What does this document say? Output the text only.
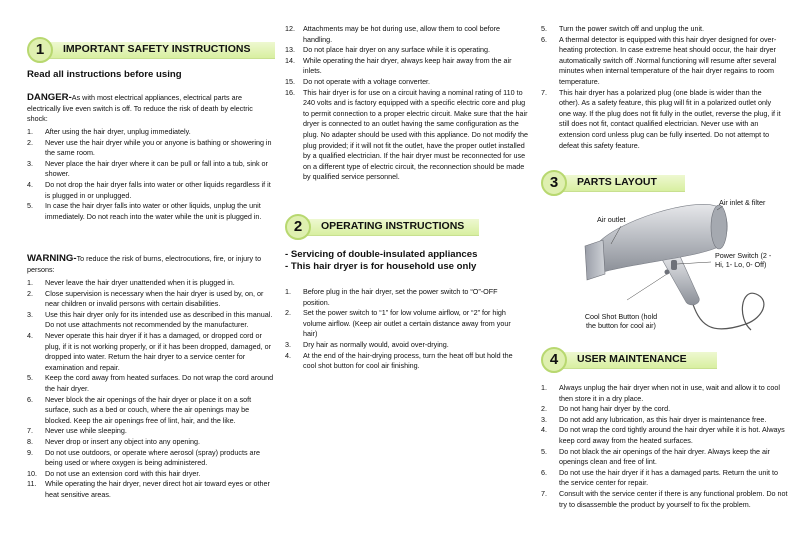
1	IMPORTANT SAFETY INSTRUCTIONS
Read all instructions before using
DANGER-As with most electrical appliances, electrical parts are electrically live even switch is off. To reduce the risk of death by electric shock:
1. After using the hair dryer, unplug immediately.
2. Never use the hair dryer while you or anyone is bathing or showering in the same room.
3. Never place the hair dryer where it can be pull or fall into a tub, sink or shower.
4. Do not drop the hair dryer falls into water or other liquids regardless if it is plugged in or unplugged.
5. In case the hair dryer falls into water or other liquids, unplug the unit immediately. Do not reach into the water while the unit is plugged in.
WARNING-To reduce the risk of burns, electrocutions, fire, or injury to persons:
1. Never leave the hair dryer unattended when it is plugged in.
2. Close supervision is necessary when the hair dryer is used by, on, or near children or invalid persons with certain disabilities.
3. Use this hair dryer only for its intended use as described in this manual. Do not use attachments not recommended by the manufacturer.
4. Never operate this hair dryer if it has a damaged, or dropped cord or plug, if it is not working properly, or if it has been dropped, damaged, or dropped into water. Return the hair dryer to a service center for examination and repair.
5. Keep the cord away from heated surfaces. Do not wrap the cord around the hair dryer.
6. Never block the air openings of the hair dryer or place it on a soft surface, such as a bed or couch, where the air openings may be blocked. Keep the air openings free of lint, hair, and the like.
7. Never use while sleeping.
8. Never drop or insert any object into any opening.
9. Do not use outdoors, or operate where aerosol (spray) products are being used or where oxygen is being administered.
10. Do not use an extension cord with this hair dryer.
11. While operating the hair dryer, never direct hot air toward eyes or other heat sensitive areas.
12. Attachments may be hot during use, allow them to cool before handling.
13. Do not place hair dryer on any surface while it is operating.
14. While operating the hair dryer, always keep hair away from the air inlets.
15. Do not operate with a voltage converter.
16. This hair dryer is for use on a circuit having a nominal rating of 110 to 240 volts and is factory equipped with a specific electric core and plug to permit connection to a proper electric circuit. Make sure that the hair dryer is connected to an outlet having the same configuration as the plug. No adapter should be used with this appliance. Do not modify the plug provided; if it will not fit the outlet, have the proper outlet installed by a qualified electrician. If the hair dryer must be reconnected for use on a different type of electric circuit, the reconnection should be made by qualified service personnel.
2	OPERATING INSTRUCTIONS
- Servicing of double-insulated appliances
- This hair dryer is for household use only
1. Before plug in the hair dryer, set the power switch to “O”-OFF position.
2. Set the power switch to “1” for low volume airflow, or “2” for high volume airflow. (Keep air outlet a certain distance away from your hair)
3. Dry hair as normally would, avoid over-drying.
4. At the end of the hair-drying process, turn the heat off but hold the cool shot button for cool air finishing.
5. Turn the power switch off and unplug the unit.
6. A thermal detector is equipped with this hair dryer designed for over-heating protection. In case extreme heat should occur, the hair dryer automatically switch off .Normal functioning will resume after several minutes when internal temperature of the hair dryer regains to room temperature.
7. This hair dryer has a polarized plug (one blade is wider than the other). As a safety feature, this plug will fit in a polarized outlet only one way. If the plug does not fit fully in the outlet, reverse the plug, if it still does not fit, contact qualified electrician. Never use with an extension cord unless plug can be fully inserted. Do not attempt to defeat this safety feature.
3	PARTS LAYOUT
Air outlet
Air inlet & filter
Power Switch (2 - Hi, 1- Lo, 0- Off)
Cool Shot Button (hold the button for cool air)
4	USER MAINTENANCE
1. Always unplug the hair dryer when not in use, wait and allow it to cool then store it in a dry place.
2. Do not hang hair dryer by the cord.
3. Do not add any lubrication, as this hair dryer is maintenance free.
4. Do not wrap the cord tightly around the hair dryer while it is hot. Always keep cord away from the heated surfaces.
5. Do not black the air openings of the hair dryer. Always keep the air openings clean and free of lint.
6. Do not use the hair dryer if it has a damaged parts. Return the unit to the service center for repair.
7. Consult with the service center if there is any functional problem. Do not try to disassemble the product by yourself to fix the problem.
